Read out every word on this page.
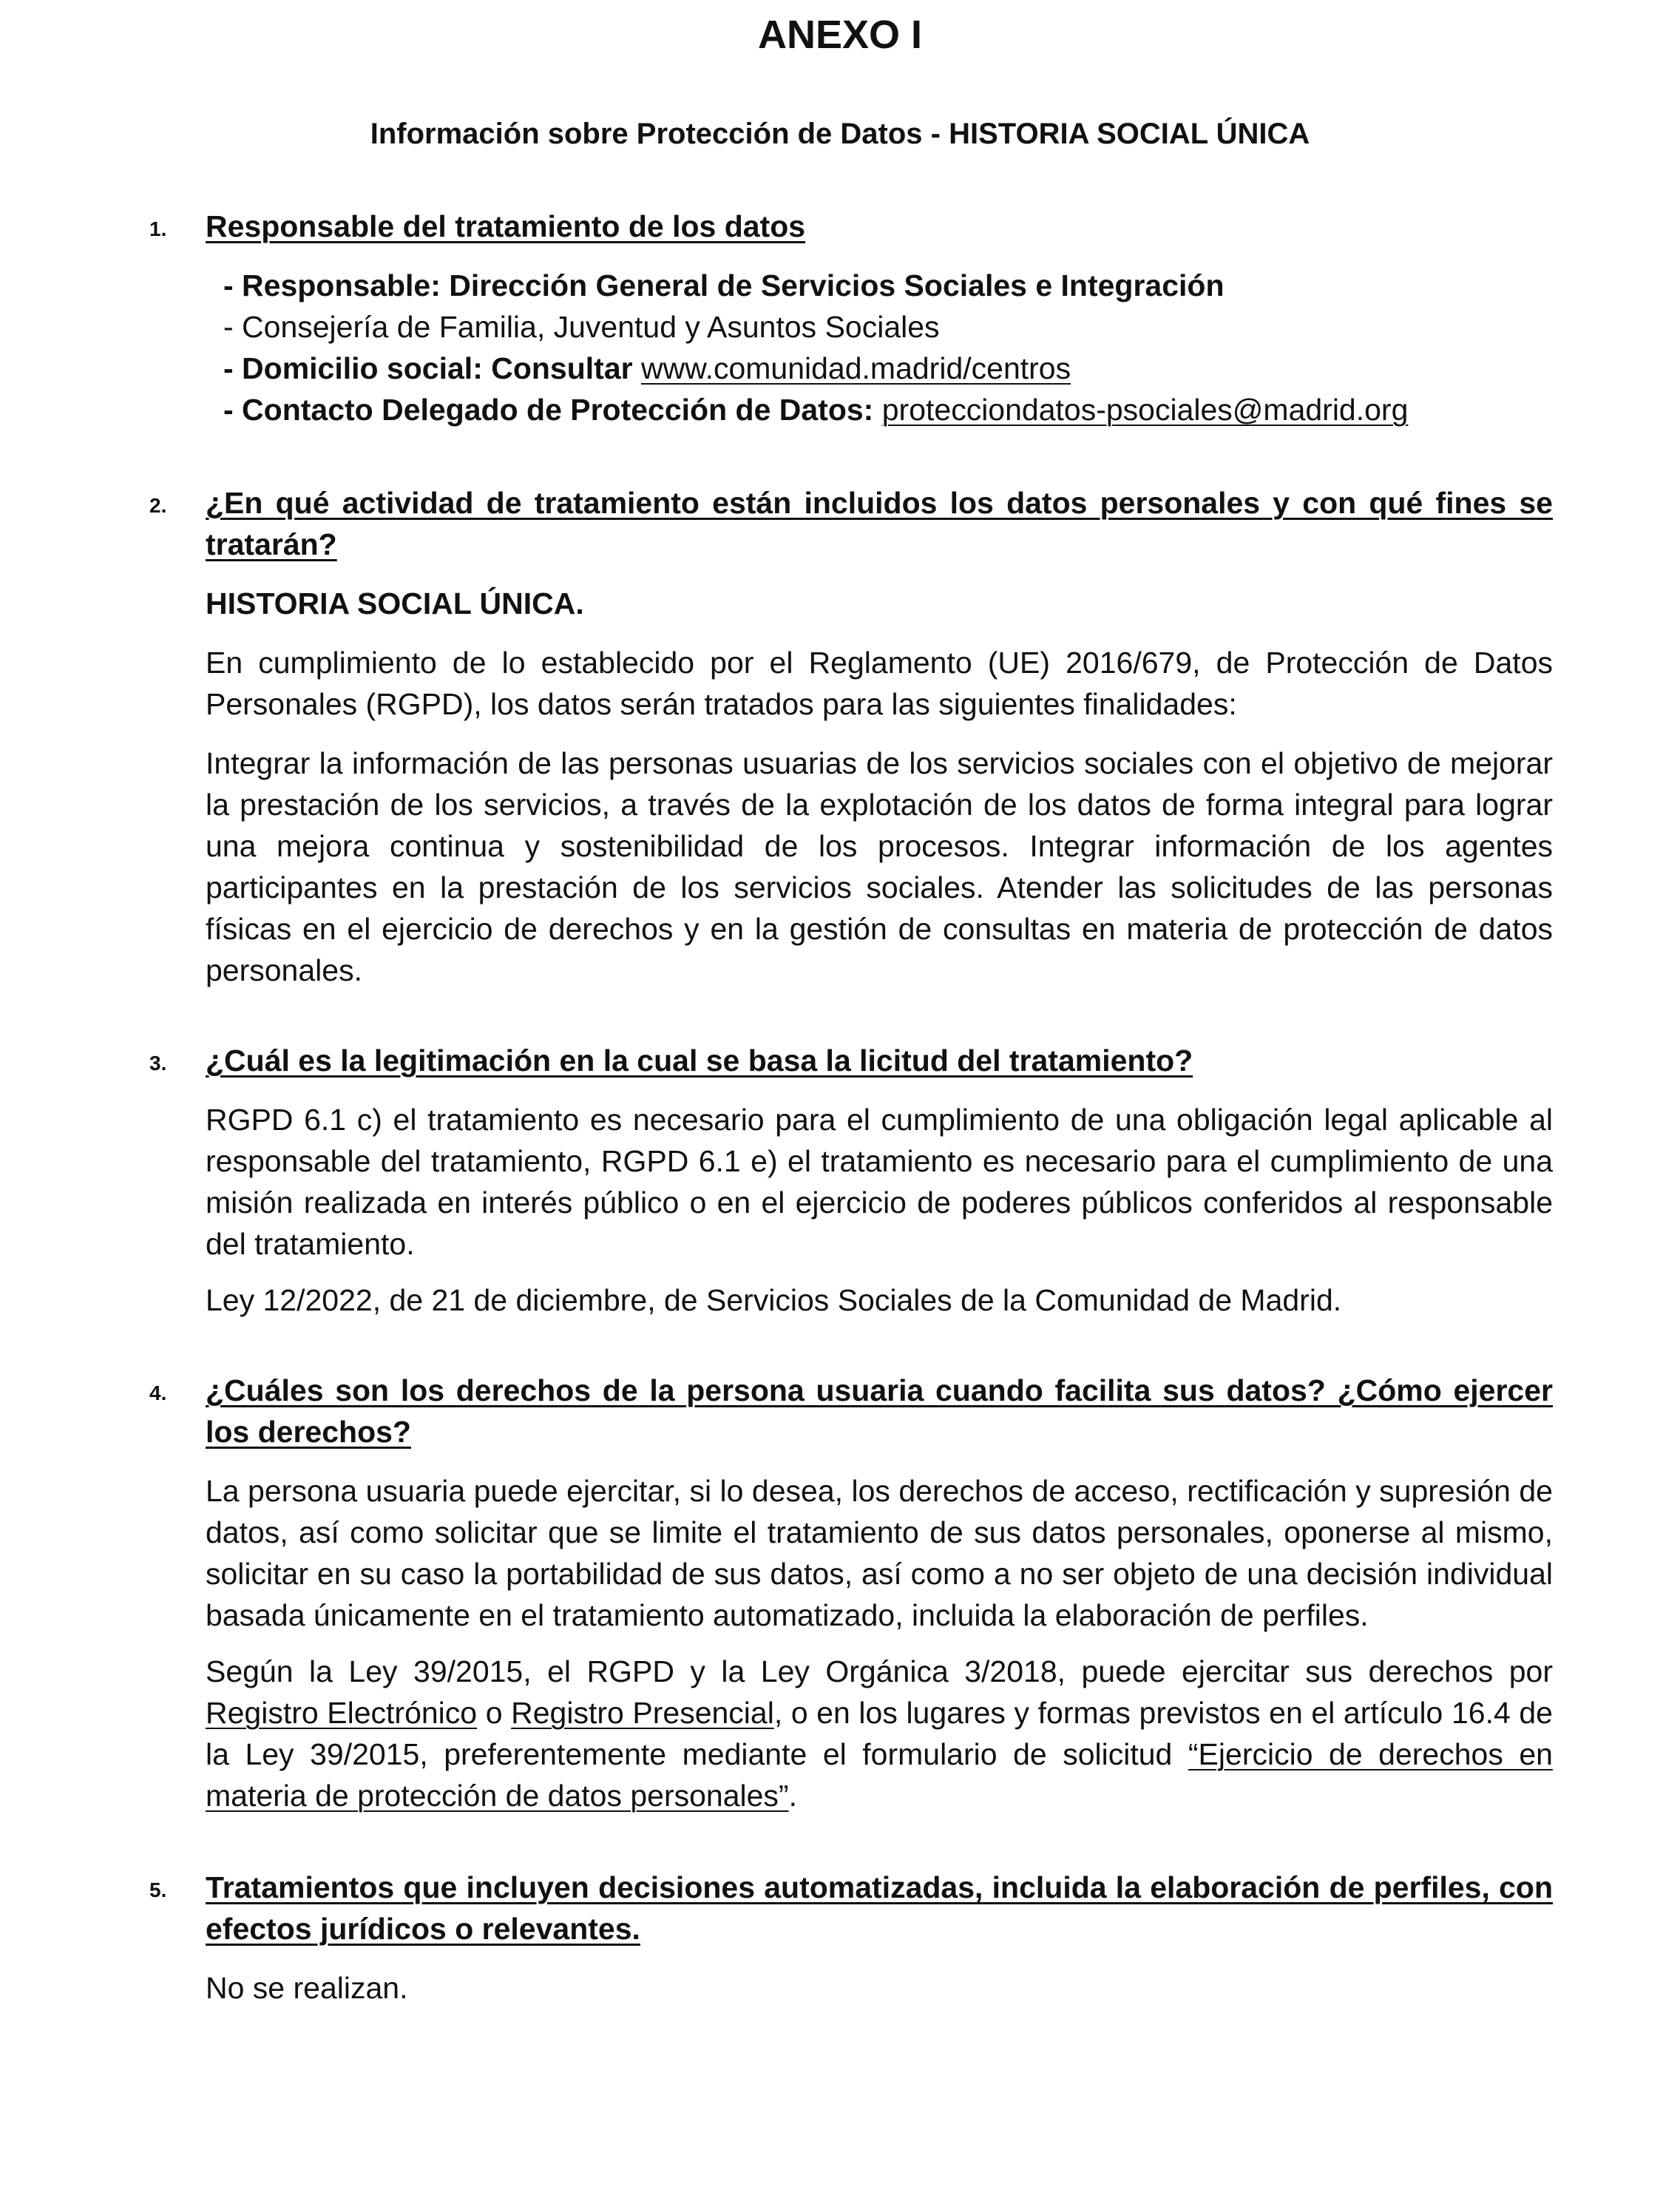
ANEXO I
Información sobre Protección de Datos - HISTORIA SOCIAL ÚNICA
1. Responsable del tratamiento de los datos
- Responsable: Dirección General de Servicios Sociales e Integración
- Consejería de Familia, Juventud y Asuntos Sociales
- Domicilio social: Consultar www.comunidad.madrid/centros
- Contacto Delegado de Protección de Datos: protecciondatos-psociales@madrid.org
2. ¿En qué actividad de tratamiento están incluidos los datos personales y con qué fines se tratarán?

HISTORIA SOCIAL ÚNICA.

En cumplimiento de lo establecido por el Reglamento (UE) 2016/679, de Protección de Datos Personales (RGPD), los datos serán tratados para las siguientes finalidades:

Integrar la información de las personas usuarias de los servicios sociales con el objetivo de mejorar la prestación de los servicios, a través de la explotación de los datos de forma integral para lograr una mejora continua y sostenibilidad de los procesos. Integrar información de los agentes participantes en la prestación de los servicios sociales. Atender las solicitudes de las personas físicas en el ejercicio de derechos y en la gestión de consultas en materia de protección de datos personales.

3. ¿Cuál es la legitimación en la cual se basa la licitud del tratamiento?

RGPD 6.1 c) el tratamiento es necesario para el cumplimiento de una obligación legal aplicable al responsable del tratamiento, RGPD 6.1 e) el tratamiento es necesario para el cumplimiento de una misión realizada en interés público o en el ejercicio de poderes públicos conferidos al responsable del tratamiento.

Ley 12/2022, de 21 de diciembre, de Servicios Sociales de la Comunidad de Madrid.

4. ¿Cuáles son los derechos de la persona usuaria cuando facilita sus datos? ¿Cómo ejercer los derechos?

La persona usuaria puede ejercitar, si lo desea, los derechos de acceso, rectificación y supresión de datos, así como solicitar que se limite el tratamiento de sus datos personales, oponerse al mismo, solicitar en su caso la portabilidad de sus datos, así como a no ser objeto de una decisión individual basada únicamente en el tratamiento automatizado, incluida la elaboración de perfiles.

Según la Ley 39/2015, el RGPD y la Ley Orgánica 3/2018, puede ejercitar sus derechos por Registro Electrónico o Registro Presencial, o en los lugares y formas previstos en el artículo 16.4 de la Ley 39/2015, preferentemente mediante el formulario de solicitud “Ejercicio de derechos en materia de protección de datos personales”.

5. Tratamientos que incluyen decisiones automatizadas, incluida la elaboración de perfiles, con efectos jurídicos o relevantes.

No se realizan.
